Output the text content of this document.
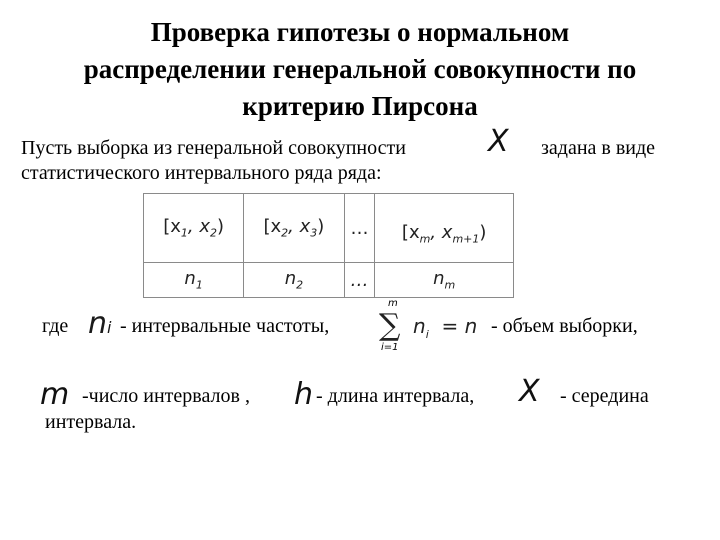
Проверка гипотезы о нормальном
распределении генеральной совокупности по
критерию Пирсона
Пусть выборка из генеральной совокупности	X задана в виде
статистического интервального ряда ряда:
[$x_1$, $x_2$)	[$x_2$, $x_3$)	…	[$x_m$, $x_{m+1}$)
$n_1$	$n_2$	…	$n_m$
где ni - интервальные частоты,
m
∑
i=1
$n_i = n$ - объем выборки,
m -число интервалов , h - длина интервала, X - середина
интервала.
